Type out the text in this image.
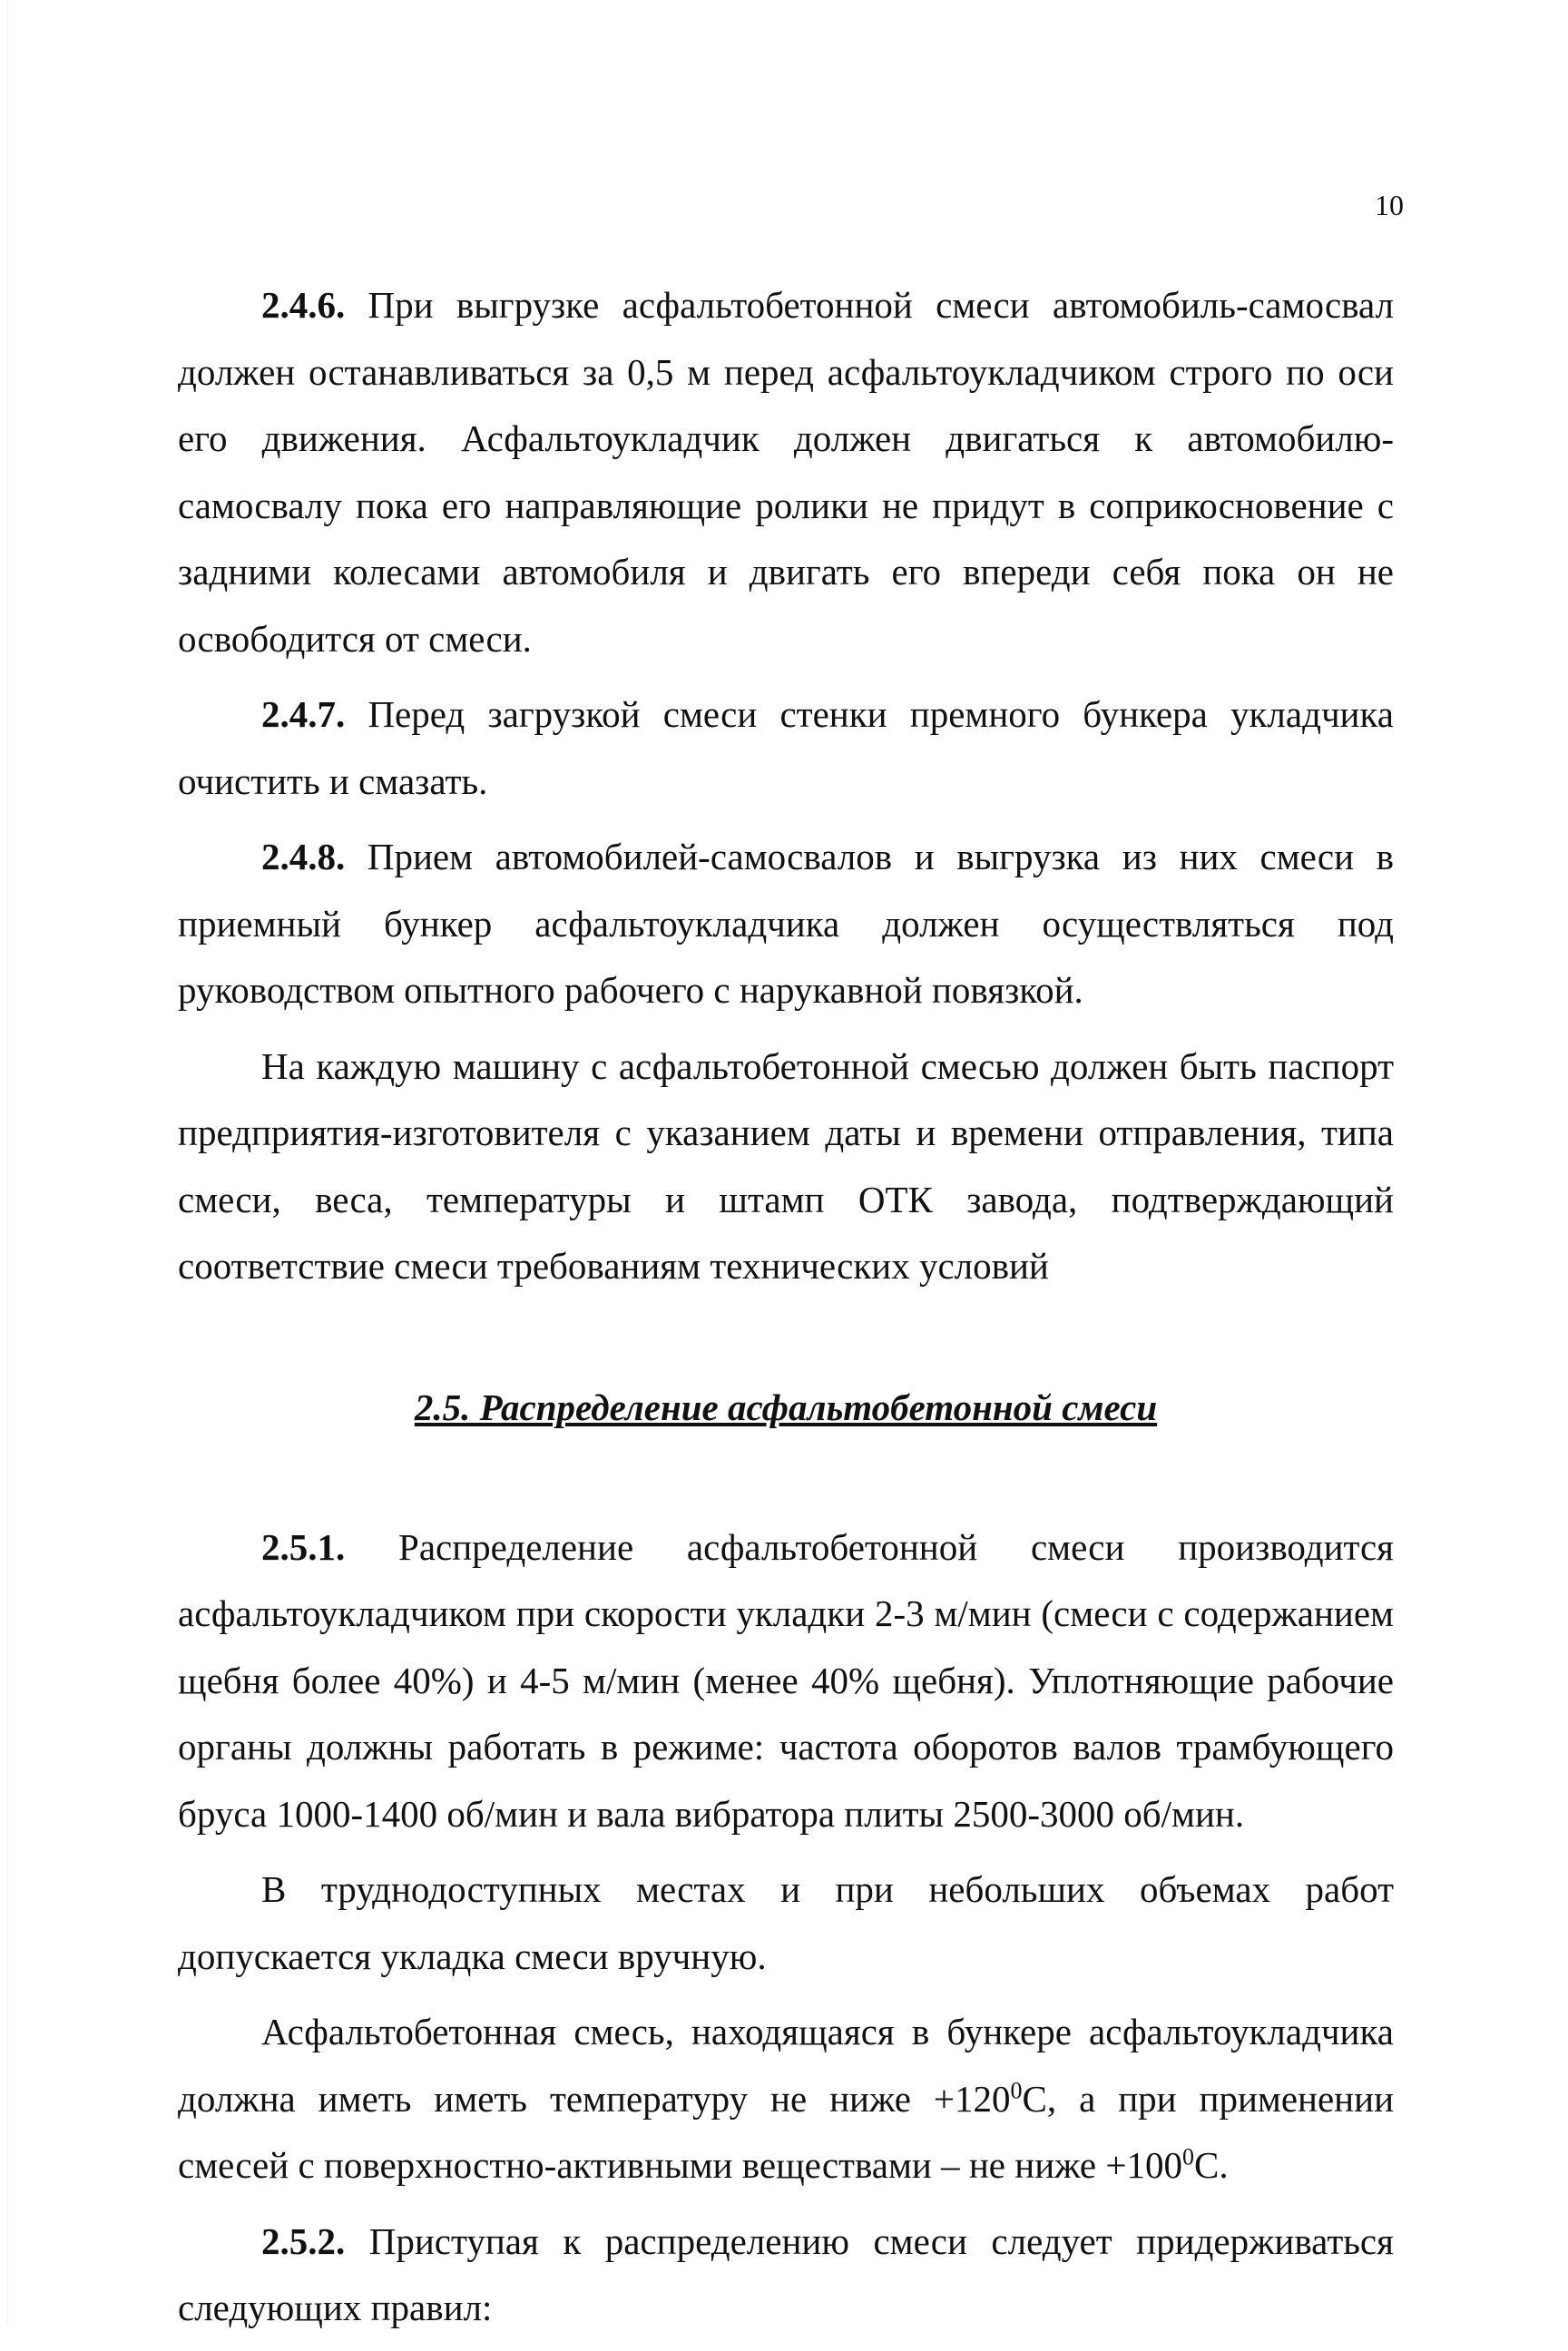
10

2.4.6. При выгрузке асфальтобетонной смеси автомобиль-самосвал должен останавливаться за 0,5 м перед асфальтоукладчиком строго по оси его движения. Асфальтоукладчик должен двигаться к автомобилю-самосвалу пока его направляющие ролики не придут в соприкосновение с задними колесами автомобиля и двигать его впереди себя пока он не освободится от смеси.

2.4.7. Перед загрузкой смеси стенки премного бункера укладчика очистить и смазать.

2.4.8. Прием автомобилей-самосвалов и выгрузка из них смеси в приемный бункер асфальтоукладчика должен осуществляться под руководством опытного рабочего с нарукавной повязкой.

На каждую машину с асфальтобетонной смесью должен быть паспорт предприятия-изготовителя с указанием даты и времени отправления, типа смеси, веса, температуры и штамп ОТК завода, подтверждающий соответствие смеси требованиям технических условий

2.5. Распределение асфальтобетонной смеси

2.5.1. Распределение асфальтобетонной смеси производится асфальтоукладчиком при скорости укладки 2-3 м/мин (смеси с содержанием щебня более 40%) и 4-5 м/мин (менее 40% щебня). Уплотняющие рабочие органы должны работать в режиме: частота оборотов валов трамбующего бруса 1000-1400 об/мин и вала вибратора плиты 2500-3000 об/мин.

В труднодоступных местах и при небольших объемах работ допускается укладка смеси вручную.

Асфальтобетонная смесь, находящаяся в бункере асфальтоукладчика должна иметь иметь температуру не ниже $+120^0С$, а при применении смесей с поверхностно-активными веществами – не ниже $+100^0С$.

2.5.2. Приступая к распределению смеси следует придерживаться следующих правил:
